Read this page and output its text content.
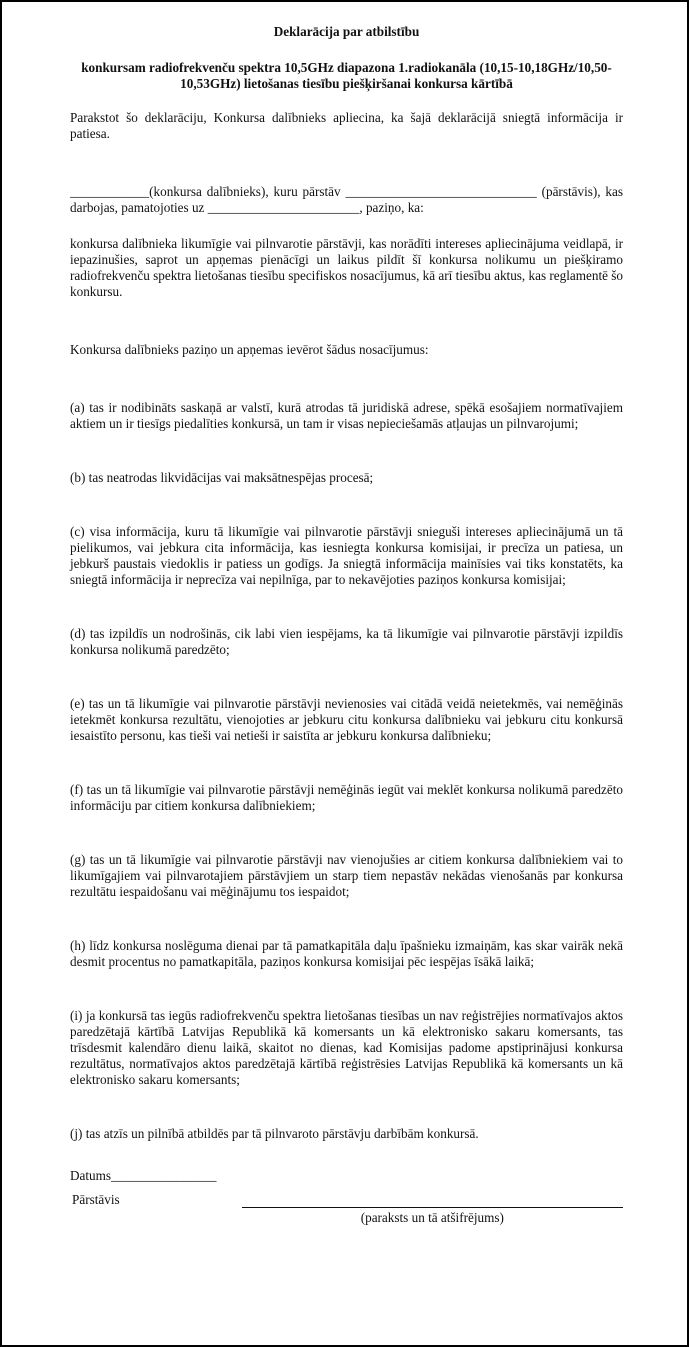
Deklarācija par atbilstību
konkursam radiofrekvenču spektra 10,5GHz diapazona 1.radiokanāla (10,15-10,18GHz/10,50-10,53GHz) lietošanas tiesību piešķiršanai konkursa kārtībā

Parakstot šo deklarāciju, Konkursa dalībnieks apliecina, ka šajā deklarācijā sniegtā informācija ir patiesa.

____________(konkursa dalībnieks), kuru pārstāv _____________________________ (pārstāvis), kas darbojas, pamatojoties uz _______________________, paziņo, ka:

konkursa dalībnieka likumīgie vai pilnvarotie pārstāvji, kas norādīti intereses apliecinājuma veidlapā, ir iepazinušies, saprot un apņemas pienācīgi un laikus pildīt šī konkursa nolikumu un piešķiramo radiofrekvenču spektra lietošanas tiesību specifiskos nosacījumus, kā arī tiesību aktus, kas reglamentē šo konkursu.

Konkursa dalībnieks paziņo un apņemas ievērot šādus nosacījumus:

(a) tas ir nodibināts saskaņā ar valstī, kurā atrodas tā juridiskā adrese, spēkā esošajiem normatīvajiem aktiem un ir tiesīgs piedalīties konkursā, un tam ir visas nepieciešamās atļaujas un pilnvarojumi;

(b) tas neatrodas likvidācijas vai maksātnespējas procesā;

(c) visa informācija, kuru tā likumīgie vai pilnvarotie pārstāvji snieguši intereses apliecinājumā un tā pielikumos, vai jebkura cita informācija, kas iesniegta konkursa komisijai, ir precīza un patiesa, un jebkurš paustais viedoklis ir patiess un godīgs. Ja sniegtā informācija mainīsies vai tiks konstatēts, ka sniegtā informācija ir neprecīza vai nepilnīga, par to nekavējoties paziņos konkursa komisijai;

(d) tas izpildīs un nodrošinās, cik labi vien iespējams, ka tā likumīgie vai pilnvarotie pārstāvji izpildīs konkursa nolikumā paredzēto;

(e) tas un tā likumīgie vai pilnvarotie pārstāvji nevienosies vai citādā veidā neietekmēs, vai nemēģinās ietekmēt konkursa rezultātu, vienojoties ar jebkuru citu konkursa dalībnieku vai jebkuru citu konkursā iesaistīto personu, kas tieši vai netieši ir saistīta ar jebkuru konkursa dalībnieku;

(f) tas un tā likumīgie vai pilnvarotie pārstāvji nemēģinās iegūt vai meklēt konkursa nolikumā paredzēto informāciju par citiem konkursa dalībniekiem;

(g) tas un tā likumīgie vai pilnvarotie pārstāvji nav vienojušies ar citiem konkursa dalībniekiem vai to likumīgajiem vai pilnvarotajiem pārstāvjiem un starp tiem nepastāv nekādas vienošanās par konkursa rezultātu iespaidošanu vai mēģinājumu tos iespaidot;

(h) līdz konkursa noslēguma dienai par tā pamatkapitāla daļu īpašnieku izmaiņām, kas skar vairāk nekā desmit procentus no pamatkapitāla, paziņos konkursa komisijai pēc iespējas īsākā laikā;

(i) ja konkursā tas iegūs radiofrekvenču spektra lietošanas tiesības un nav reģistrējies normatīvajos aktos paredzētajā kārtībā Latvijas Republikā kā komersants un kā elektronisko sakaru komersants, tas trīsdesmit kalendāro dienu laikā, skaitot no dienas, kad Komisijas padome apstiprinājusi konkursa rezultātus, normatīvajos aktos paredzētajā kārtībā reģistrēsies Latvijas Republikā kā komersants un kā elektronisko sakaru komersants;

(j) tas atzīs un pilnībā atbildēs par tā pilnvaroto pārstāvju darbībām konkursā.

Datums________________
Pārstāvis
(paraksts un tā atšifrējums)
